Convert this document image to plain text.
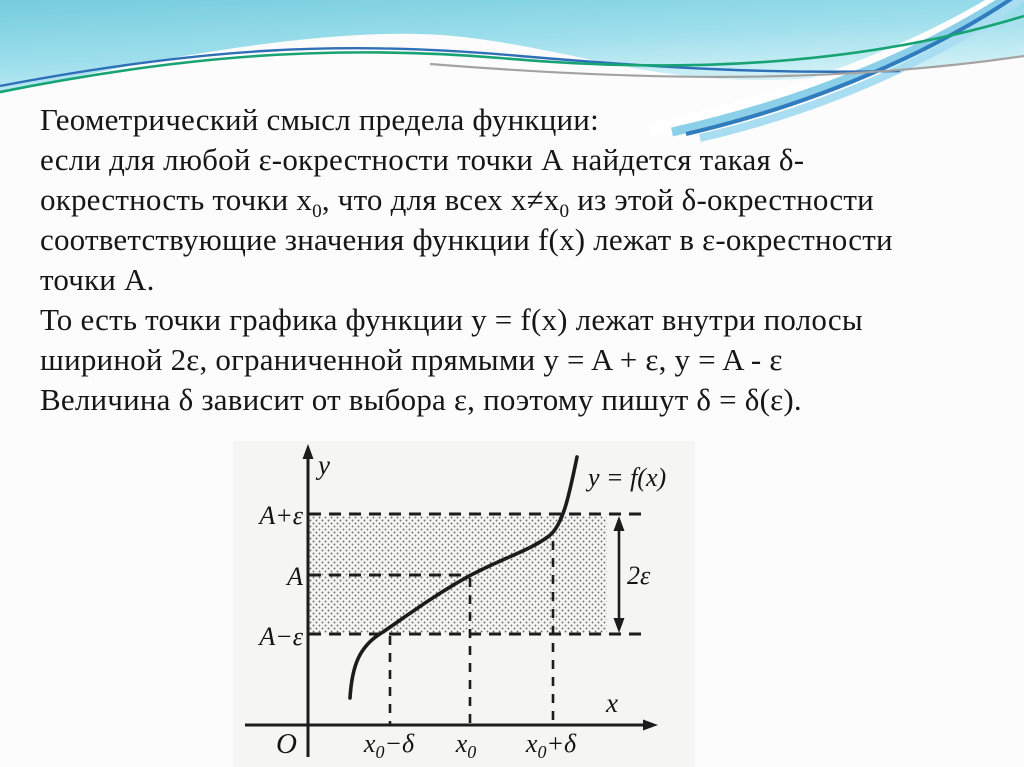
Геометрический смысл предела функции:
если для любой ε-окрестности точки А найдется такая δ-
окрестность точки $x_0$, что для всех $x\ne x_0$ из этой δ-окрестности
соответствующие значения функции f(x) лежат в ε-окрестности
точки А.
То есть точки графика функции y = f(x) лежат внутри полосы
шириной 2ε, ограниченной прямыми y = A + ε, y = A - ε
Величина δ зависит от выбора ε, поэтому пишут δ = δ(ε).
y
x
O
A+ε
A
A−ε
2ε
y = f(x)
$x_0-\delta$ $x_0$ $x_0+\delta$
